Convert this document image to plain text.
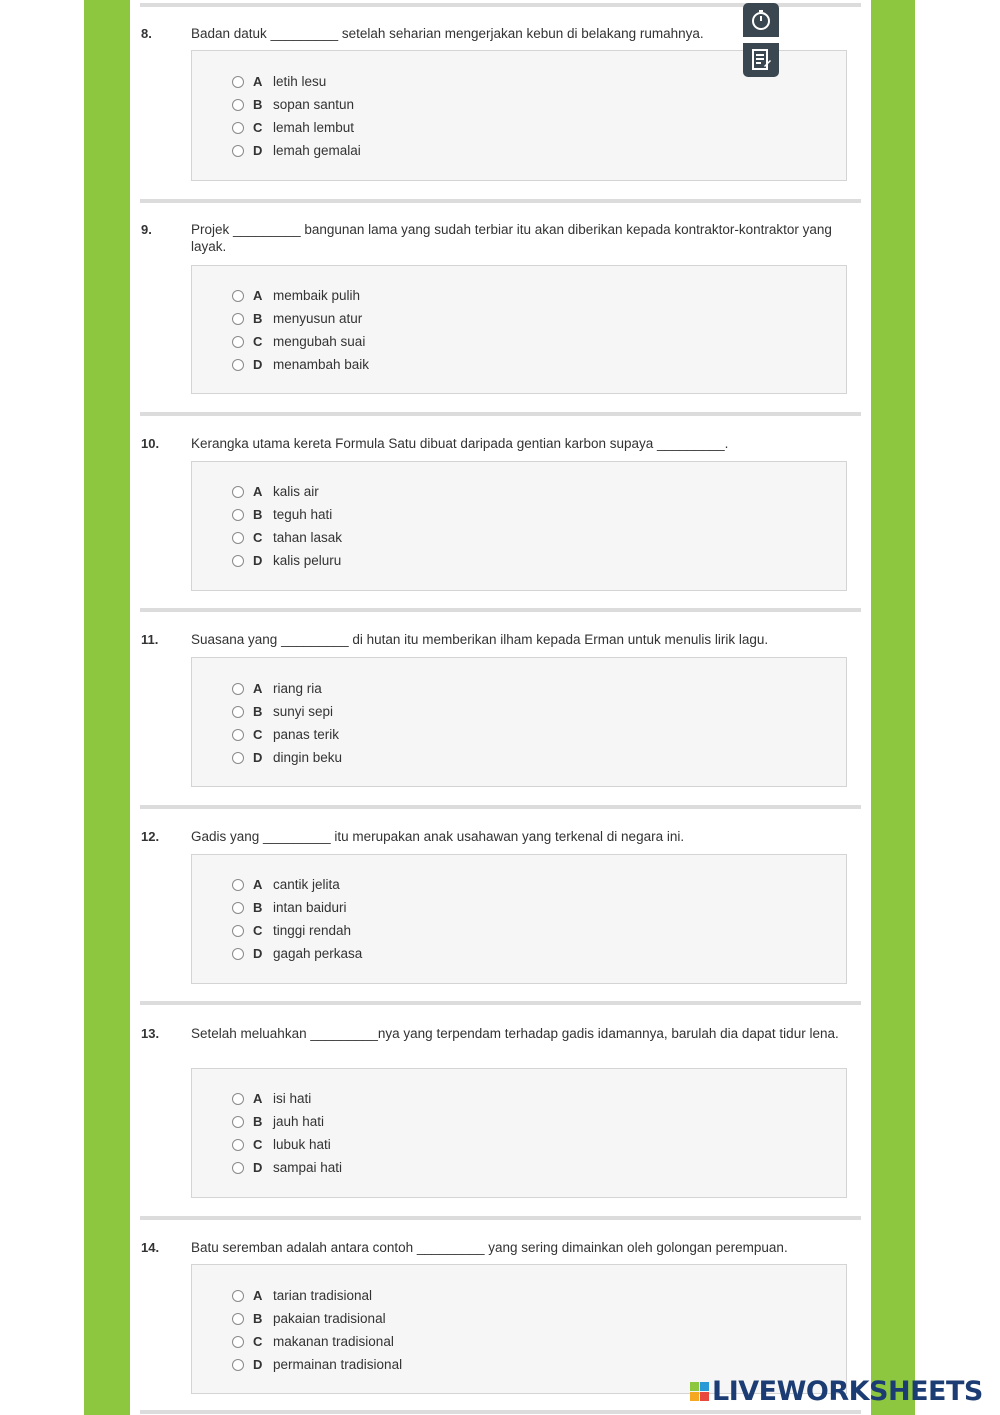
8.	Badan datuk _________ setelah seharian mengerjakan kebun di belakang rumahnya.
A letih lesu
B sopan santun
C lemah lembut
D lemah gemalai
9.	Projek _________ bangunan lama yang sudah terbiar itu akan diberikan kepada kontraktor-kontraktor yang layak.
A membaik pulih
B menyusun atur
C mengubah suai
D menambah baik
10. Kerangka utama kereta Formula Satu dibuat daripada gentian karbon supaya _________.
A kalis air
B teguh hati
C tahan lasak
D kalis peluru
11. Suasana yang _________ di hutan itu memberikan ilham kepada Erman untuk menulis lirik lagu.
A riang ria
B sunyi sepi
C panas terik
D dingin beku
12. Gadis yang _________ itu merupakan anak usahawan yang terkenal di negara ini.
A cantik jelita
B intan baiduri
C tinggi rendah
D gagah perkasa
13. Setelah meluahkan _________nya yang terpendam terhadap gadis idamannya, barulah dia dapat tidur lena.
A isi hati
B jauh hati
C lubuk hati
D sampai hati
14. Batu seremban adalah antara contoh _________ yang sering dimainkan oleh golongan perempuan.
A tarian tradisional
B pakaian tradisional
C makanan tradisional
D permainan tradisional
LIVEWORKSHEETS
